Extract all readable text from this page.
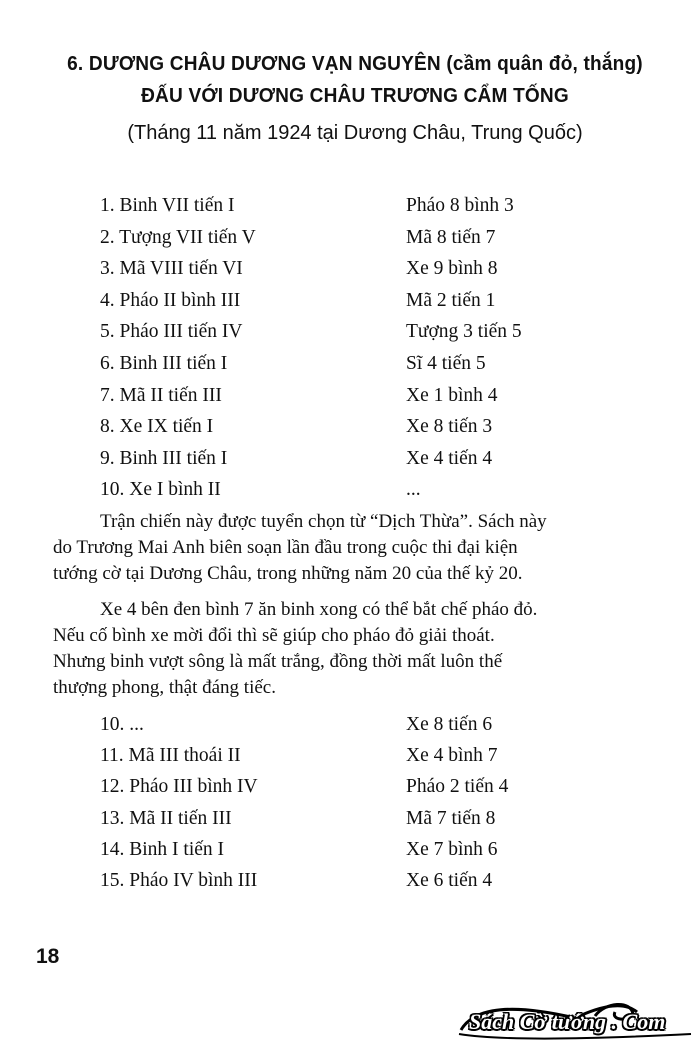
6. DƯƠNG CHÂU DƯƠNG VẠN NGUYÊN (cầm quân đỏ, thắng)
ĐẤU VỚI DƯƠNG CHÂU TRƯƠNG CẨM TỐNG
(Tháng 11 năm 1924 tại Dương Châu, Trung Quốc)
1. Binh VII tiến I	Pháo 8 bình 3
2. Tượng VII tiến V	Mã 8 tiến 7
3. Mã VIII tiến VI	Xe 9 bình 8
4. Pháo II bình III	Mã 2 tiến 1
5. Pháo III tiến IV	Tượng 3 tiến 5
6. Binh III tiến I	Sĩ 4 tiến 5
7. Mã II tiến III	Xe 1 bình 4
8. Xe IX tiến I	Xe 8 tiến 3
9. Binh III tiến I	Xe 4 tiến 4
10. Xe I bình II	...

Trận chiến này được tuyển chọn từ “Dịch Thừa”. Sách này
do Trương Mai Anh biên soạn lần đầu trong cuộc thi đại kiện
tướng cờ tại Dương Châu, trong những năm 20 của thế kỷ 20.

Xe 4 bên đen bình 7 ăn binh xong có thể bắt chế pháo đỏ.
Nếu cố bình xe mời đổi thì sẽ giúp cho pháo đỏ giải thoát.
Nhưng binh vượt sông là mất trắng, đồng thời mất luôn thế
thượng phong, thật đáng tiếc.

10. ...	Xe 8 tiến 6
11. Mã III thoái II	Xe 4 bình 7
12. Pháo III bình IV	Pháo 2 tiến 4
13. Mã II tiến III	Mã 7 tiến 8
14. Binh I tiến I	Xe 7 bình 6
15. Pháo IV bình III	Xe 6 tiến 4
18
Sách Cờ tướng . Com
